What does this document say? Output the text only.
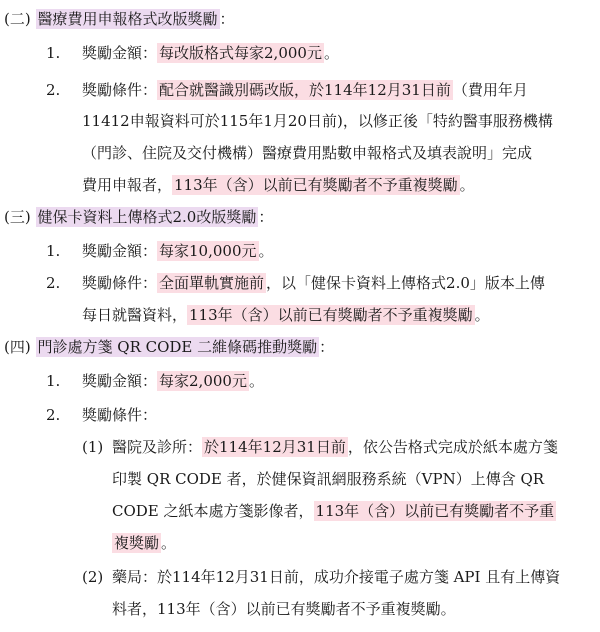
(二) 醫療費用申報格式改版獎勵 ：
1.	獎勵金額： 每改版格式每家2,000元 。
2.	獎勵條件： 配合就醫識別碼改版，於114年12月31日前 （費用年月
11412申報資料可於115年1月20日前)，以修正後「特約醫事服務機構
（門診、住院及交付機構）醫療費用點數申報格式及填表說明」完成
費用申報者， 113年（含）以前已有獎勵者不予重複獎勵 。
(三) 健保卡資料上傳格式2.0改版獎勵 ：
1.	獎勵金額： 每家10,000元 。
2.	獎勵條件： 全面單軌實施前 ，以「健保卡資料上傳格式2.0」版本上傳
每日就醫資料， 113年（含）以前已有獎勵者不予重複獎勵 。
(四) 門診處方箋 QR CODE 二維條碼推動獎勵 ：
1.	獎勵金額： 每家2,000元 。
2.	獎勵條件：
(1) 醫院及診所： 於114年12月31日前 ，依公告格式完成於紙本處方箋
印製 QR CODE 者，於健保資訊網服務系統（VPN）上傳含 QR
CODE 之紙本處方箋影像者， 113年（含）以前已有獎勵者不予重
複獎勵 。
(2) 藥局：於114年12月31日前，成功介接電子處方箋 API 且有上傳資
料者，113年（含）以前已有獎勵者不予重複獎勵。
